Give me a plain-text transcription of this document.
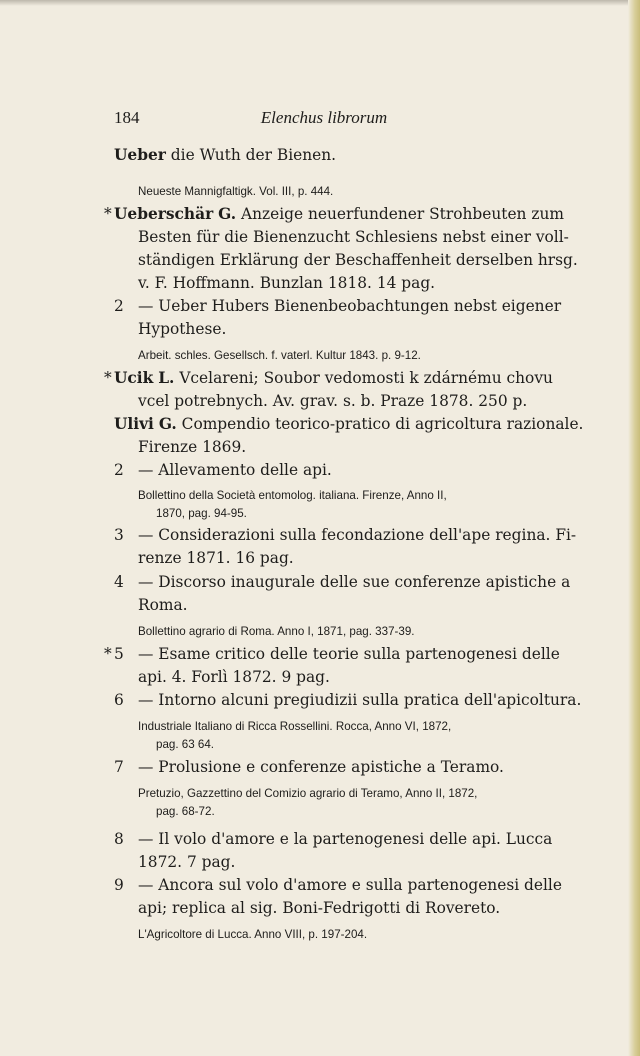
Elenchus librorum
184
Ueber die Wuth der Bienen.
Neueste Mannigfaltigk. Vol. III, p. 444.
* Ueberschär G. Anzeige neuerfundener Strohbeuten zum
Besten für die Bienenzucht Schlesiens nebst einer voll-
ständigen Erklärung der Beschaffenheit derselben hrsg.
v. F. Hoffmann. Bunzlan 1818. 14 pag.
2 — Ueber Hubers Bienenbeobachtungen nebst eigener
Hypothese.
Arbeit. schles. Gesellsch. f. vaterl. Kultur 1843. p. 9-12.
* Ucik L. Vcelareni; Soubor vedomosti k zdárnému chovu
vcel potrebnych. Av. grav. s. b. Praze 1878. 250 p.
Ulivi G. Compendio teorico-pratico di agricoltura razionale.
Firenze 1869.
2 — Allevamento delle api.
Bollettino della Società entomolog. italiana. Firenze, Anno II,
1870, pag. 94-95.
3 — Considerazioni sulla fecondazione dell'ape regina. Fi-
renze 1871. 16 pag.
4 — Discorso inaugurale delle sue conferenze apistiche a
Roma.
Bollettino agrario di Roma. Anno I, 1871, pag. 337-39.
* 5 — Esame critico delle teorie sulla partenogenesi delle
api. 4. Forlì 1872. 9 pag.
6 — Intorno alcuni pregiudizii sulla pratica dell'apicoltura.
Industriale Italiano di Ricca Rossellini. Rocca, Anno VI, 1872,
pag. 63 64.
7 — Prolusione e conferenze apistiche a Teramo.
Pretuzio, Gazzettino del Comizio agrario di Teramo, Anno II, 1872,
pag. 68-72.
8 — Il volo d'amore e la partenogenesi delle api. Lucca
1872. 7 pag.
9 — Ancora sul volo d'amore e sulla partenogenesi delle
api; replica al sig. Boni-Fedrigotti di Rovereto.
L'Agricoltore di Lucca. Anno VIII, p. 197-204.
